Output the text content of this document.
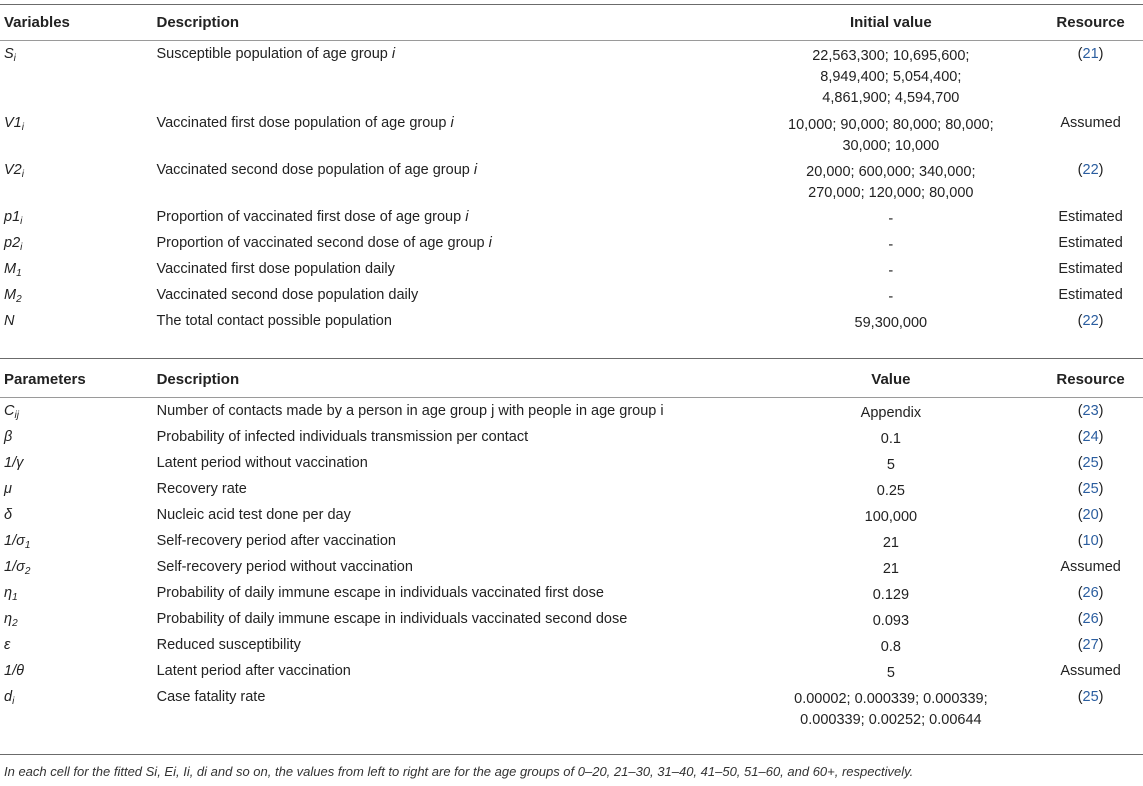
Variables	Description	Initial value	Resource
$S_i$	Susceptible population of age group i	22,563,300; 10,695,600;
8,949,400; 5,054,400;
4,861,900; 4,594,700	(21)
$V1_i$	Vaccinated first dose population of age group i	10,000; 90,000; 80,000; 80,000;
30,000; 10,000	Assumed
$V2_i$	Vaccinated second dose population of age group i	20,000; 600,000; 340,000;
270,000; 120,000; 80,000	(22)
$p1_i$	Proportion of vaccinated first dose of age group i	-	Estimated
$p2_i$	Proportion of vaccinated second dose of age group i	-	Estimated
$M_1$	Vaccinated first dose population daily	-	Estimated
$M_2$	Vaccinated second dose population daily	-	Estimated
N	The total contact possible population	59,300,000	(22)
Parameters	Description	Value	Resource
$C_{ij}$	Number of contacts made by a person in age group j with people in age group i	Appendix	(23)
β	Probability of infected individuals transmission per contact	0.1	(24)
1/γ	Latent period without vaccination	5	(25)
μ	Recovery rate	0.25	(25)
δ	Nucleic acid test done per day	100,000	(20)
$1/\sigma_1$	Self-recovery period after vaccination	21	(10)
$1/\sigma_2$	Self-recovery period without vaccination	21	Assumed
$\eta_1$	Probability of daily immune escape in individuals vaccinated first dose	0.129	(26)
$\eta_2$	Probability of daily immune escape in individuals vaccinated second dose	0.093	(26)
ε	Reduced susceptibility	0.8	(27)
1/θ	Latent period after vaccination	5	Assumed
$d_i$	Case fatality rate	0.00002; 0.000339; 0.000339;
0.000339; 0.00252; 0.00644	(25)
In each cell for the fitted Si, Ei, Ii, di and so on, the values from left to right are for the age groups of 0–20, 21–30, 31–40, 41–50, 51–60, and 60+, respectively.
